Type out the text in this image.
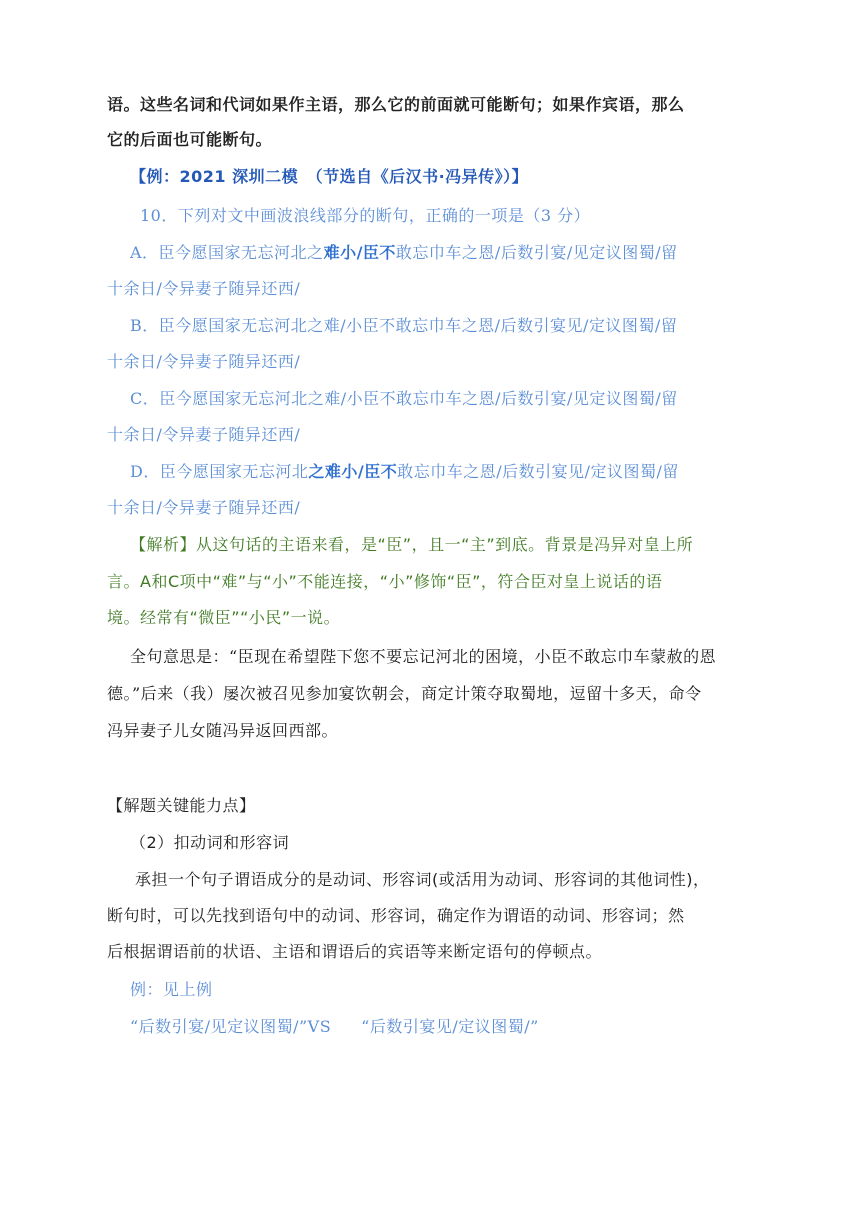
语。这些名词和代词如果作主语，那么它的前面就可能断句；如果作宾语，那么
它的后面也可能断句。
【例：2021 深圳二模　（节选自《后汉书·冯异传》）】
10．下列对文中画波浪线部分的断句，正确的一项是（3 分）
A．臣今愿国家无忘河北之难小/臣不敢忘巾车之恩/后数引宴/见定议图蜀/留
十余日/令异妻子随异还西/
B．臣今愿国家无忘河北之难/小臣不敢忘巾车之恩/后数引宴见/定议图蜀/留
十余日/令异妻子随异还西/
C．臣今愿国家无忘河北之难/小臣不敢忘巾车之恩/后数引宴/见定议图蜀/留
十余日/令异妻子随异还西/
D．臣今愿国家无忘河北之难小/臣不敢忘巾车之恩/后数引宴见/定议图蜀/留
十余日/令异妻子随异还西/
【解析】从这句话的主语来看，是“臣”，且一“主”到底。背景是冯异对皇上所
言。A和C项中“难”与“小”不能连接，“小”修饰“臣”，符合臣对皇上说话的语
境。经常有“微臣”“小民”一说。
全句意思是：“臣现在希望陛下您不要忘记河北的困境，小臣不敢忘巾车蒙赦的恩
德。”后来（我）屡次被召见参加宴饮朝会，商定计策夺取蜀地，逗留十多天，命令
冯异妻子儿女随冯异返回西部。
【解题关键能力点】
（2）扣动词和形容词
承担一个句子谓语成分的是动词、形容词(或活用为动词、形容词的其他词性)，
断句时，可以先找到语句中的动词、形容词，确定作为谓语的动词、形容词；然
后根据谓语前的状语、主语和谓语后的宾语等来断定语句的停顿点。
例：见上例
“后数引宴/见定议图蜀/”VS “后数引宴见/定议图蜀/”
